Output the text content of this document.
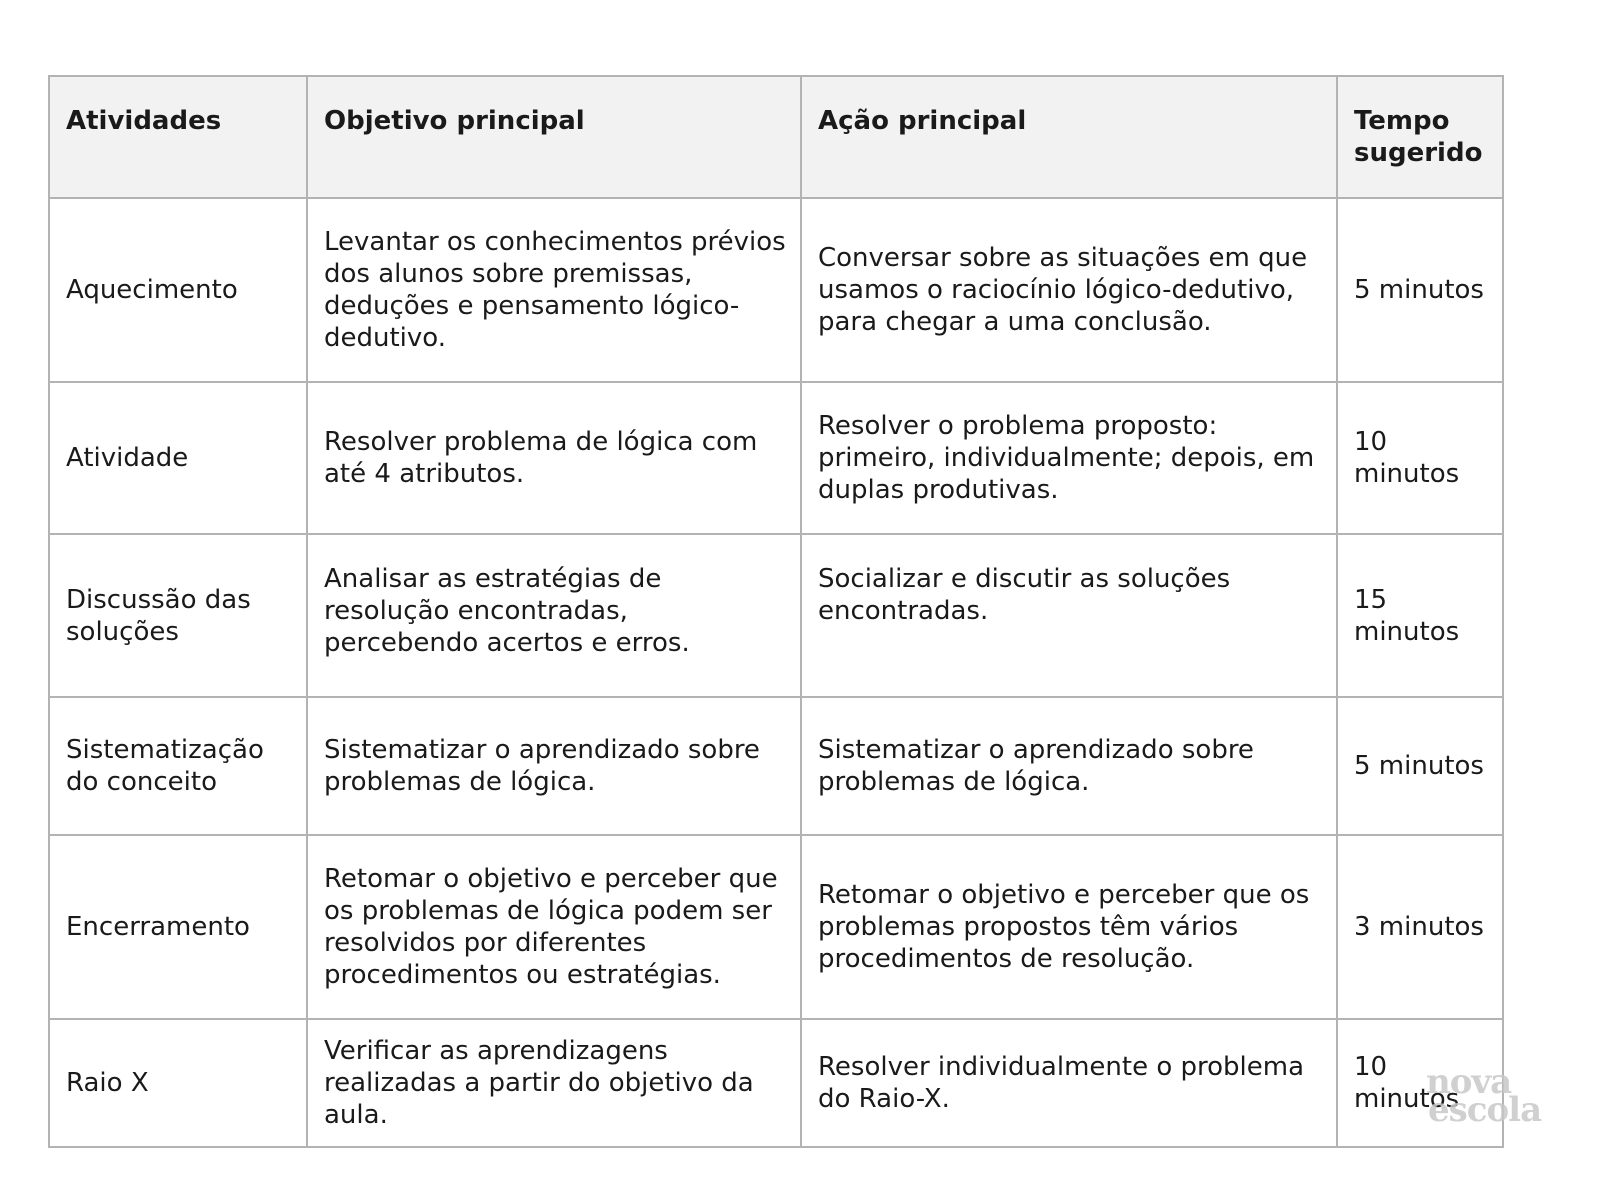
Atividades	Objetivo principal	Ação principal	Tempo sugerido
Aquecimento	Levantar os conhecimentos prévios dos alunos sobre premissas, deduções e pensamento lógico-dedutivo.	Conversar sobre as situações em que usamos o raciocínio lógico-dedutivo, para chegar a uma conclusão.	5 minutos
Atividade	Resolver problema de lógica com até 4 atributos.	Resolver o problema proposto: primeiro, individualmente; depois, em duplas produtivas.	10 minutos
Discussão das soluções	Analisar as estratégias de resolução encontradas, percebendo acertos e erros.	Socializar e discutir as soluções encontradas.	15 minutos
Sistematização do conceito	Sistematizar o aprendizado sobre problemas de lógica.	Sistematizar o aprendizado sobre problemas de lógica.	5 minutos
Encerramento	Retomar o objetivo e perceber que os problemas de lógica podem ser resolvidos por diferentes procedimentos ou estratégias.	Retomar o objetivo e perceber que os problemas propostos têm vários procedimentos de resolução.	3 minutos
Raio X	Verificar as aprendizagens realizadas a partir do objetivo da aula.	Resolver individualmente o problema do Raio-X.	10 minutos
nova
escola
